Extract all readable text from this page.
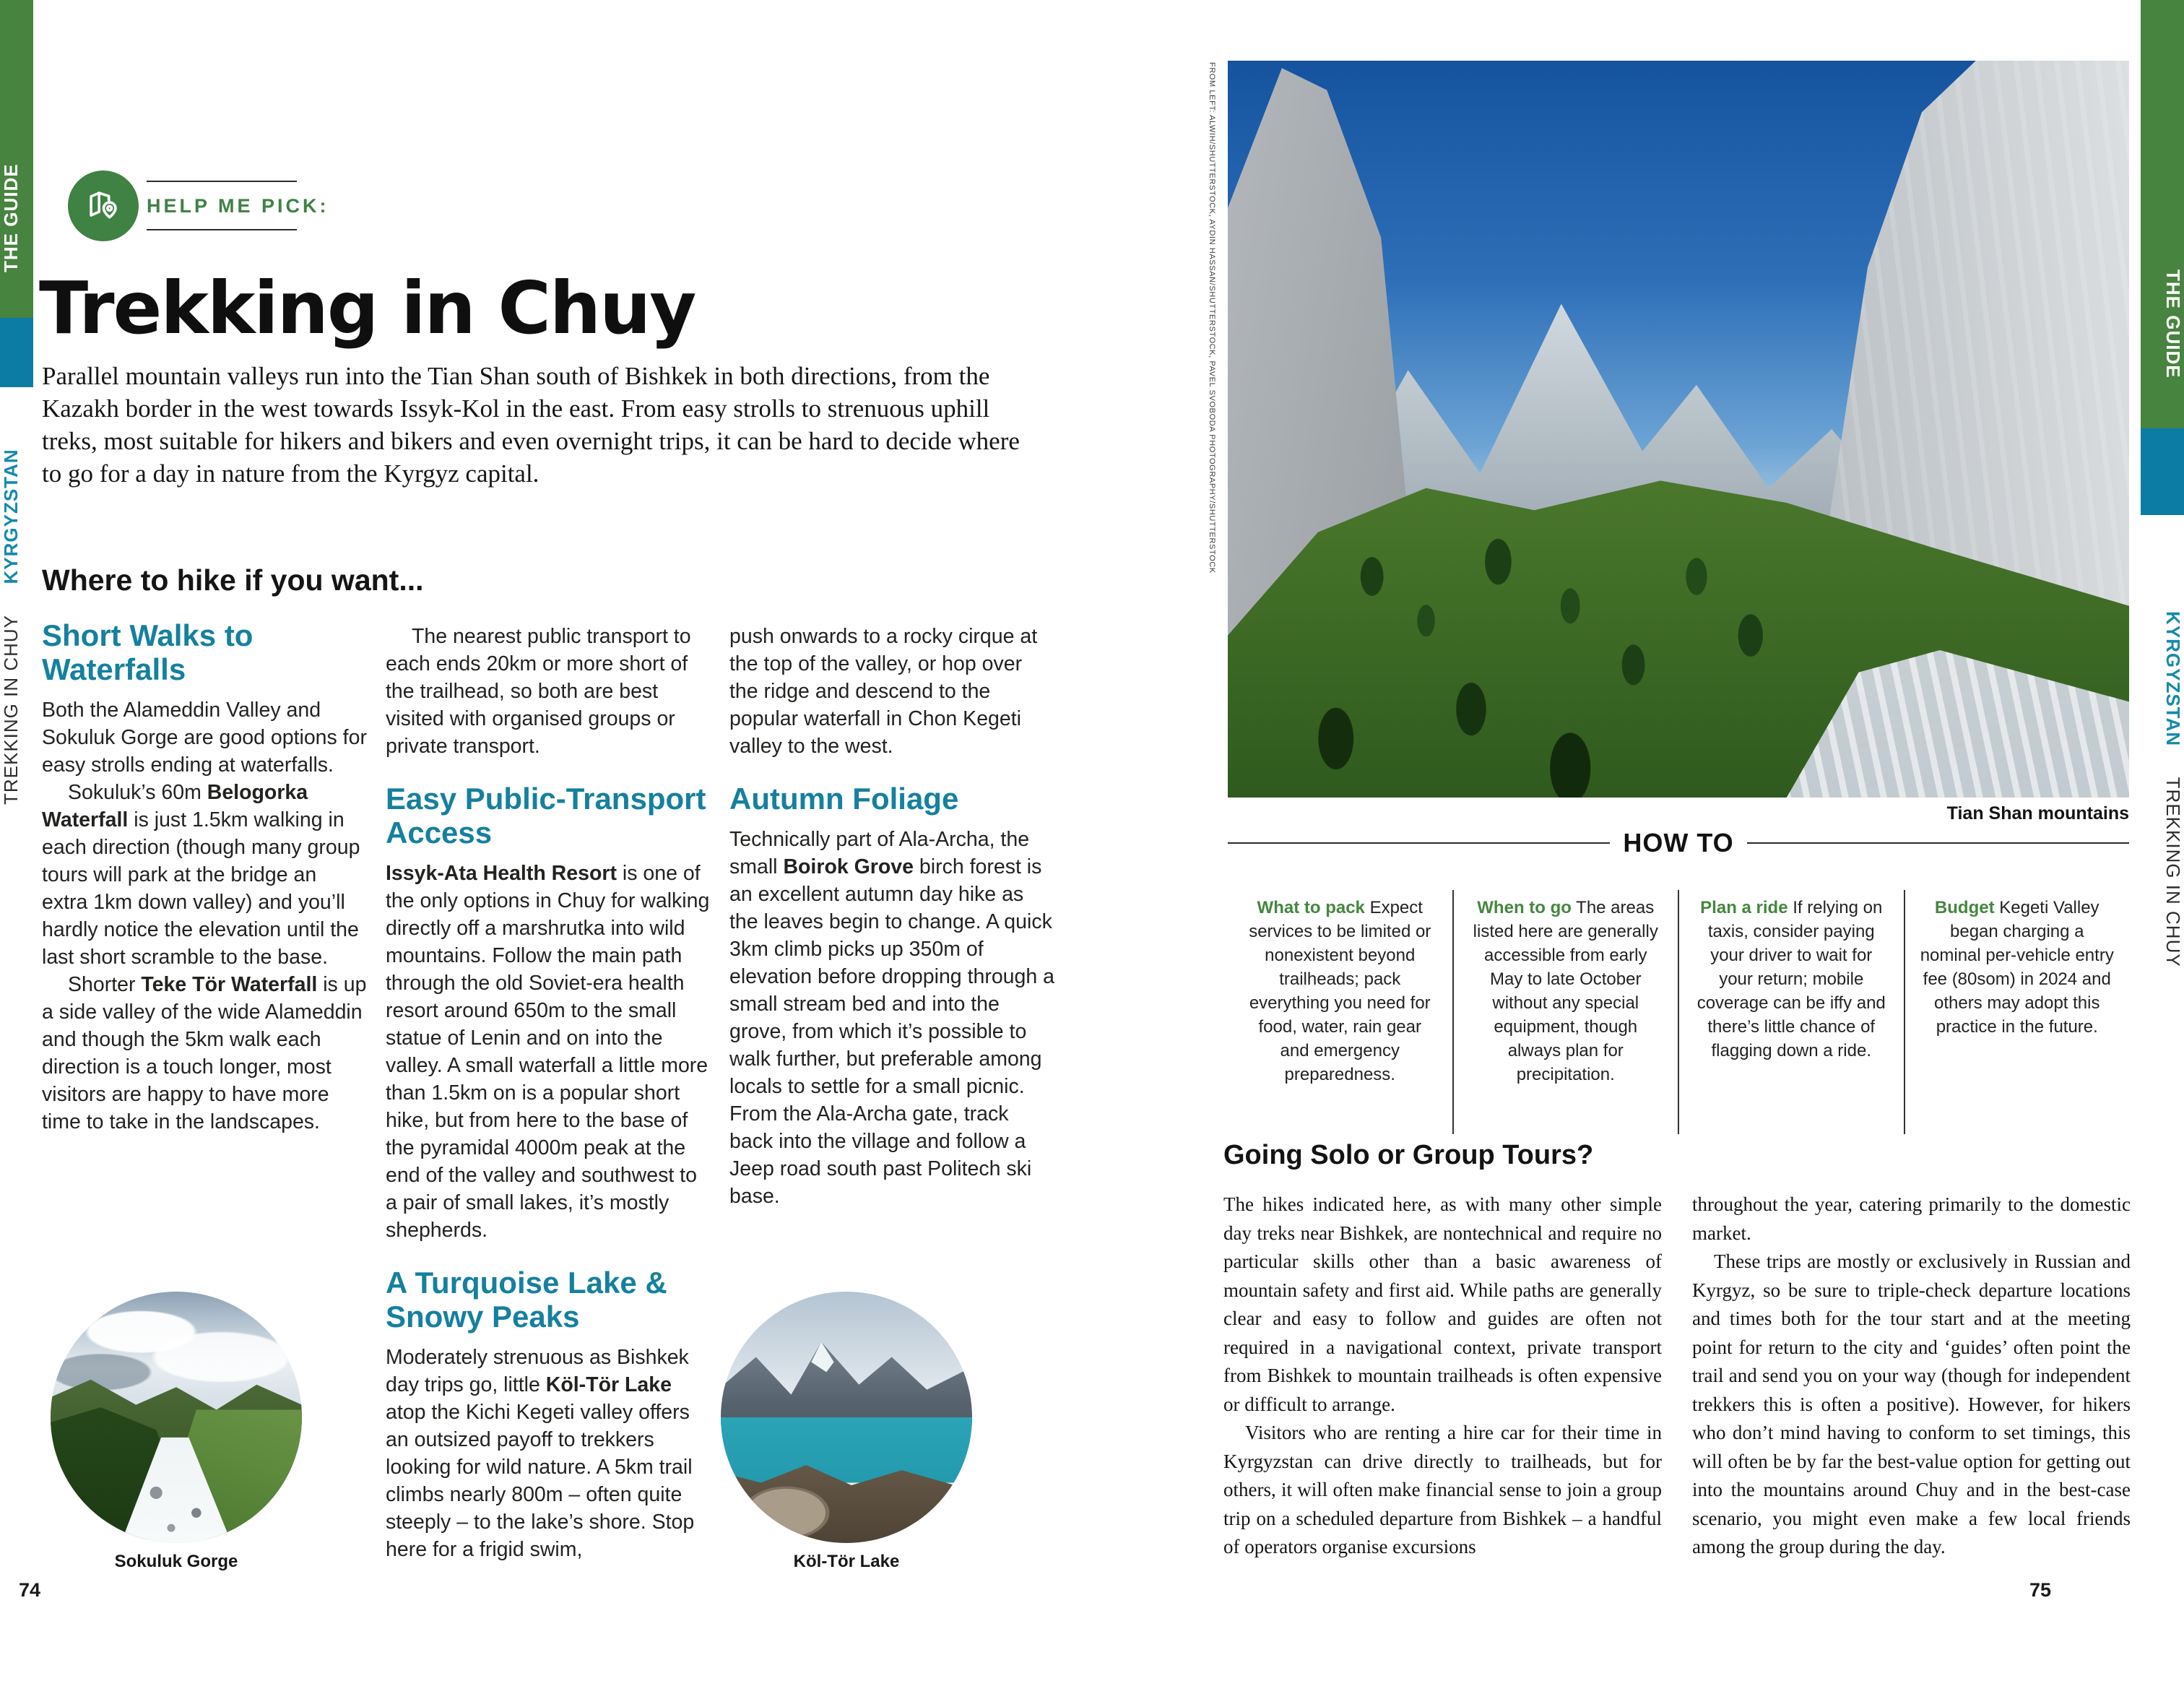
THE GUIDE
TREKKING IN CHUY   KYRGYZSTAN
HELP ME PICK:
Trekking in Chuy

Parallel mountain valleys run into the Tian Shan south of Bishkek in both directions, from the Kazakh border in the west towards Issyk-Kol in the east. From easy strolls to strenuous uphill treks, most suitable for hikers and bikers and even overnight trips, it can be hard to decide where to go for a day in nature from the Kyrgyz capital.

Where to hike if you want...
Short Walks to Waterfalls

Both the Alameddin Valley and Sokuluk Gorge are good options for easy strolls ending at waterfalls.

Sokuluk’s 60m Belogorka Waterfall is just 1.5km walking in each direction (though many group tours will park at the bridge an extra 1km down valley) and you’ll hardly notice the elevation until the last short scramble to the base.

Shorter Teke Tör Waterfall is up a side valley of the wide Alameddin and though the 5km walk each direction is a touch longer, most visitors are happy to have more time to take in the landscapes.

The nearest public transport to each ends 20km or more short of the trailhead, so both are best visited with organised groups or private transport.

Easy Public-Transport Access

Issyk-Ata Health Resort is one of the only options in Chuy for walking directly off a marshrutka into wild mountains. Follow the main path through the old Soviet-era health resort around 650m to the small statue of Lenin and on into the valley. A small waterfall a little more than 1.5km on is a popular short hike, but from here to the base of the pyramidal 4000m peak at the end of the valley and southwest to a pair of small lakes, it’s mostly shepherds.

A Turquoise Lake & Snowy Peaks

Moderately strenuous as Bishkek day trips go, little Köl-Tör Lake atop the Kichi Kegeti valley offers an outsized payoff to trekkers looking for wild nature. A 5km trail climbs nearly 800m – often quite steeply – to the lake’s shore. Stop here for a frigid swim,

push onwards to a rocky cirque at the top of the valley, or hop over the ridge and descend to the popular waterfall in Chon Kegeti valley to the west.

Autumn Foliage

Technically part of Ala-Archa, the small Boirok Grove birch forest is an excellent autumn day hike as the leaves begin to change. A quick 3km climb picks up 350m of elevation before dropping through a small stream bed and into the grove, from which it’s possible to walk further, but preferable among locals to settle for a small picnic. From the Ala-Archa gate, track back into the village and follow a Jeep road south past Politech ski base.

Sokuluk Gorge	Köl-Tör Lake
74
FROM LEFT: ALWIH/SHUTTERSTOCK, AYDIN HASSAN/SHUTTERSTOCK, PAVEL SVOBODA PHOTOGRAPHY/SHUTTERSTOCK
Tian Shan mountains
HOW TO
What to pack Expect services to be limited or nonexistent beyond trailheads; pack everything you need for food, water, rain gear and emergency preparedness.
When to go The areas listed here are generally accessible from early May to late October without any special equipment, though always plan for precipitation.
Plan a ride If relying on taxis, consider paying your driver to wait for your return; mobile coverage can be iffy and there’s little chance of flagging down a ride.
Budget Kegeti Valley began charging a nominal per-vehicle entry fee (80som) in 2024 and others may adopt this practice in the future.
Going Solo or Group Tours?

The hikes indicated here, as with many other simple day treks near Bishkek, are nontechnical and require no particular skills other than a basic awareness of mountain safety and first aid. While paths are generally clear and easy to follow and guides are often not required in a navigational context, private transport from Bishkek to mountain trailheads is often expensive or difficult to arrange.

Visitors who are renting a hire car for their time in Kyrgyzstan can drive directly to trailheads, but for others, it will often make financial sense to join a group trip on a scheduled departure from Bishkek – a handful of operators organise excursions

throughout the year, catering primarily to the domestic market.

These trips are mostly or exclusively in Russian and Kyrgyz, so be sure to triple-check departure locations and times both for the tour start and at the meeting point for return to the city and ‘guides’ often point the trail and send you on your way (though for independent trekkers this is often a positive). However, for hikers who don’t mind having to conform to set timings, this will often be by far the best-value option for getting out into the mountains around Chuy and in the best-case scenario, you might even make a few local friends among the group during the day.

75
THE GUIDE
KYRGYZSTAN   TREKKING IN CHUY
